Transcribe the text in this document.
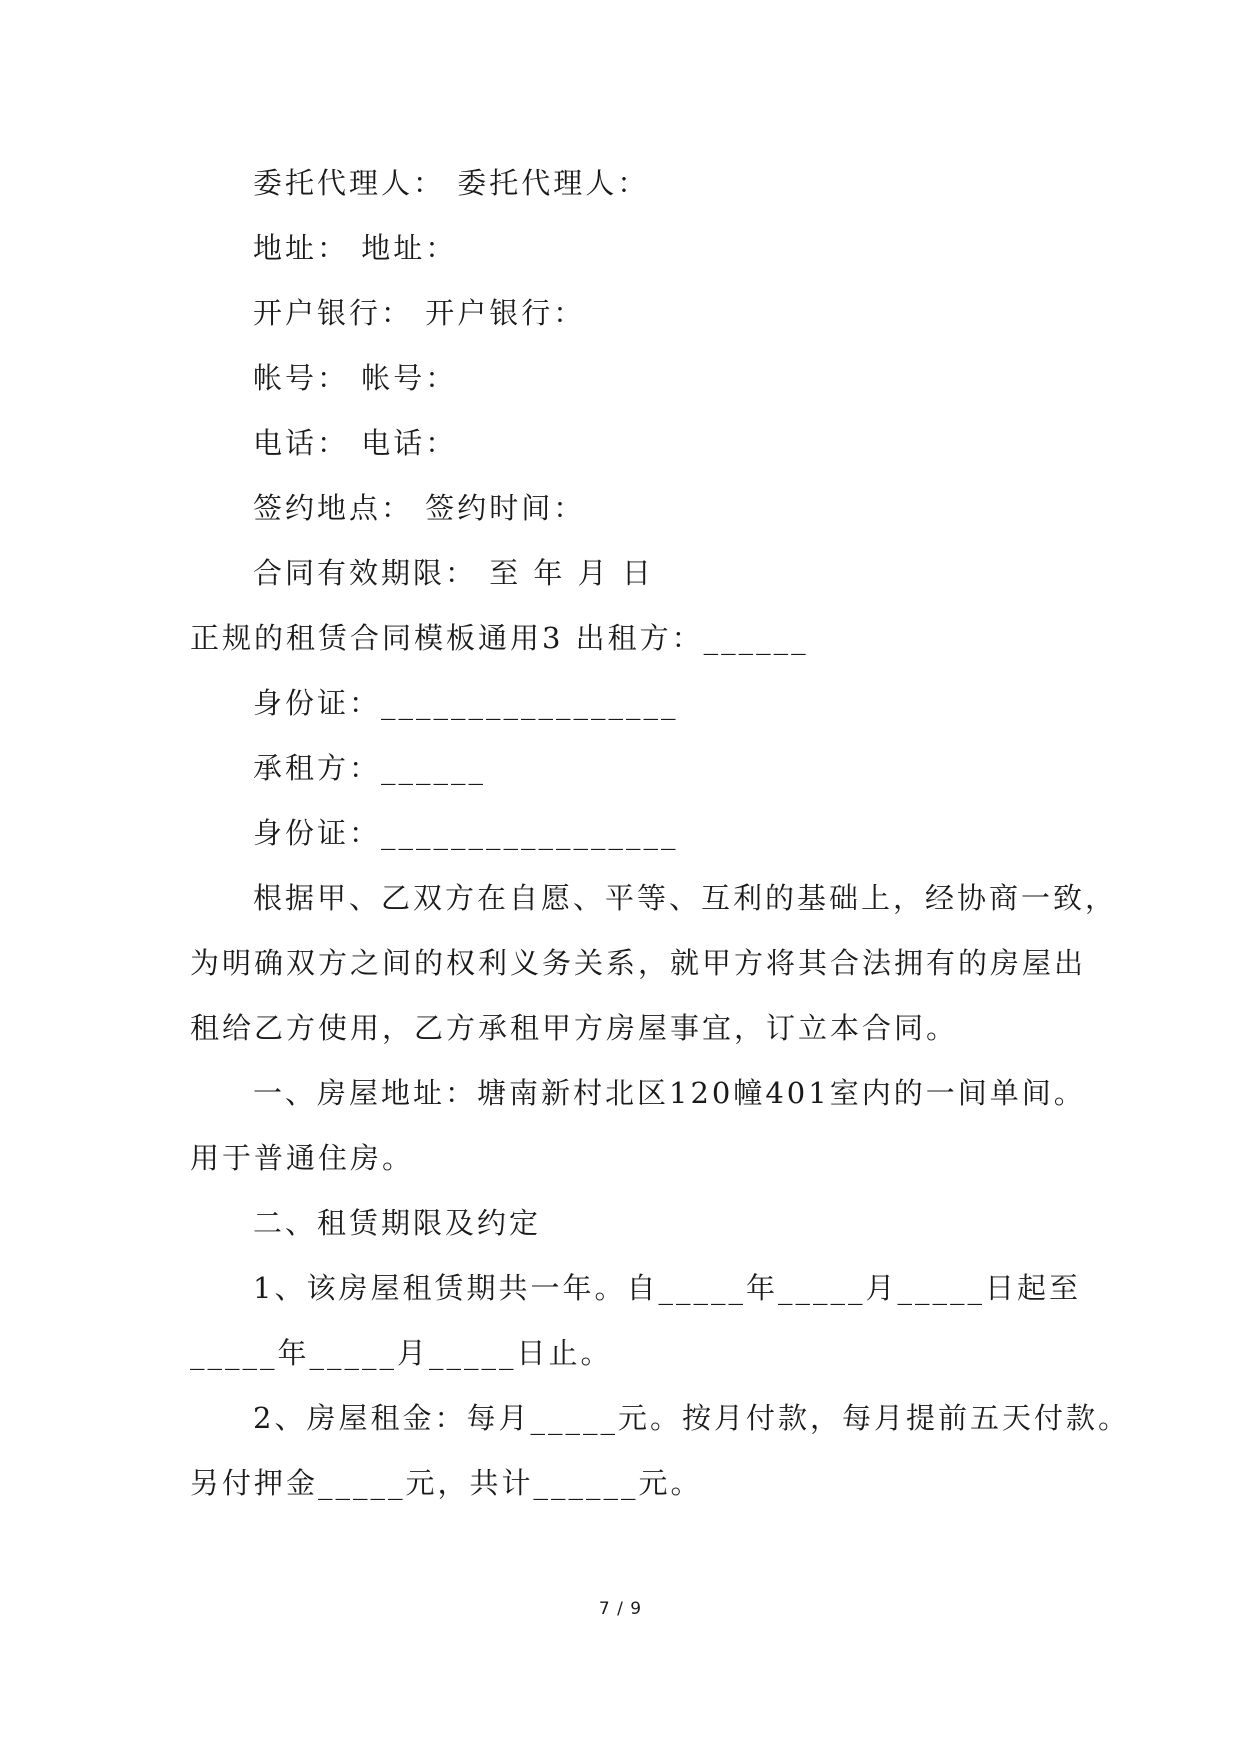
委托代理人： 委托代理人：
地址： 地址：
开户银行： 开户银行：
帐号： 帐号：
电话： 电话：
签约地点： 签约时间：
合同有效期限： 至 年 月 日
正规的租赁合同模板通用3 出租方：______
身份证：_________________
承租方：______
身份证：_________________
根据甲、乙双方在自愿、平等、互利的基础上，经协商一致，
为明确双方之间的权利义务关系，就甲方将其合法拥有的房屋出
租给乙方使用，乙方承租甲方房屋事宜，订立本合同。
一、房屋地址：塘南新村北区120幢401室内的一间单间。
用于普通住房。
二、租赁期限及约定
1、该房屋租赁期共一年。自_____年_____月_____日起至
_____年_____月_____日止。
2、房屋租金：每月_____元。按月付款，每月提前五天付款。
另付押金_____元，共计______元。
7 / 9
